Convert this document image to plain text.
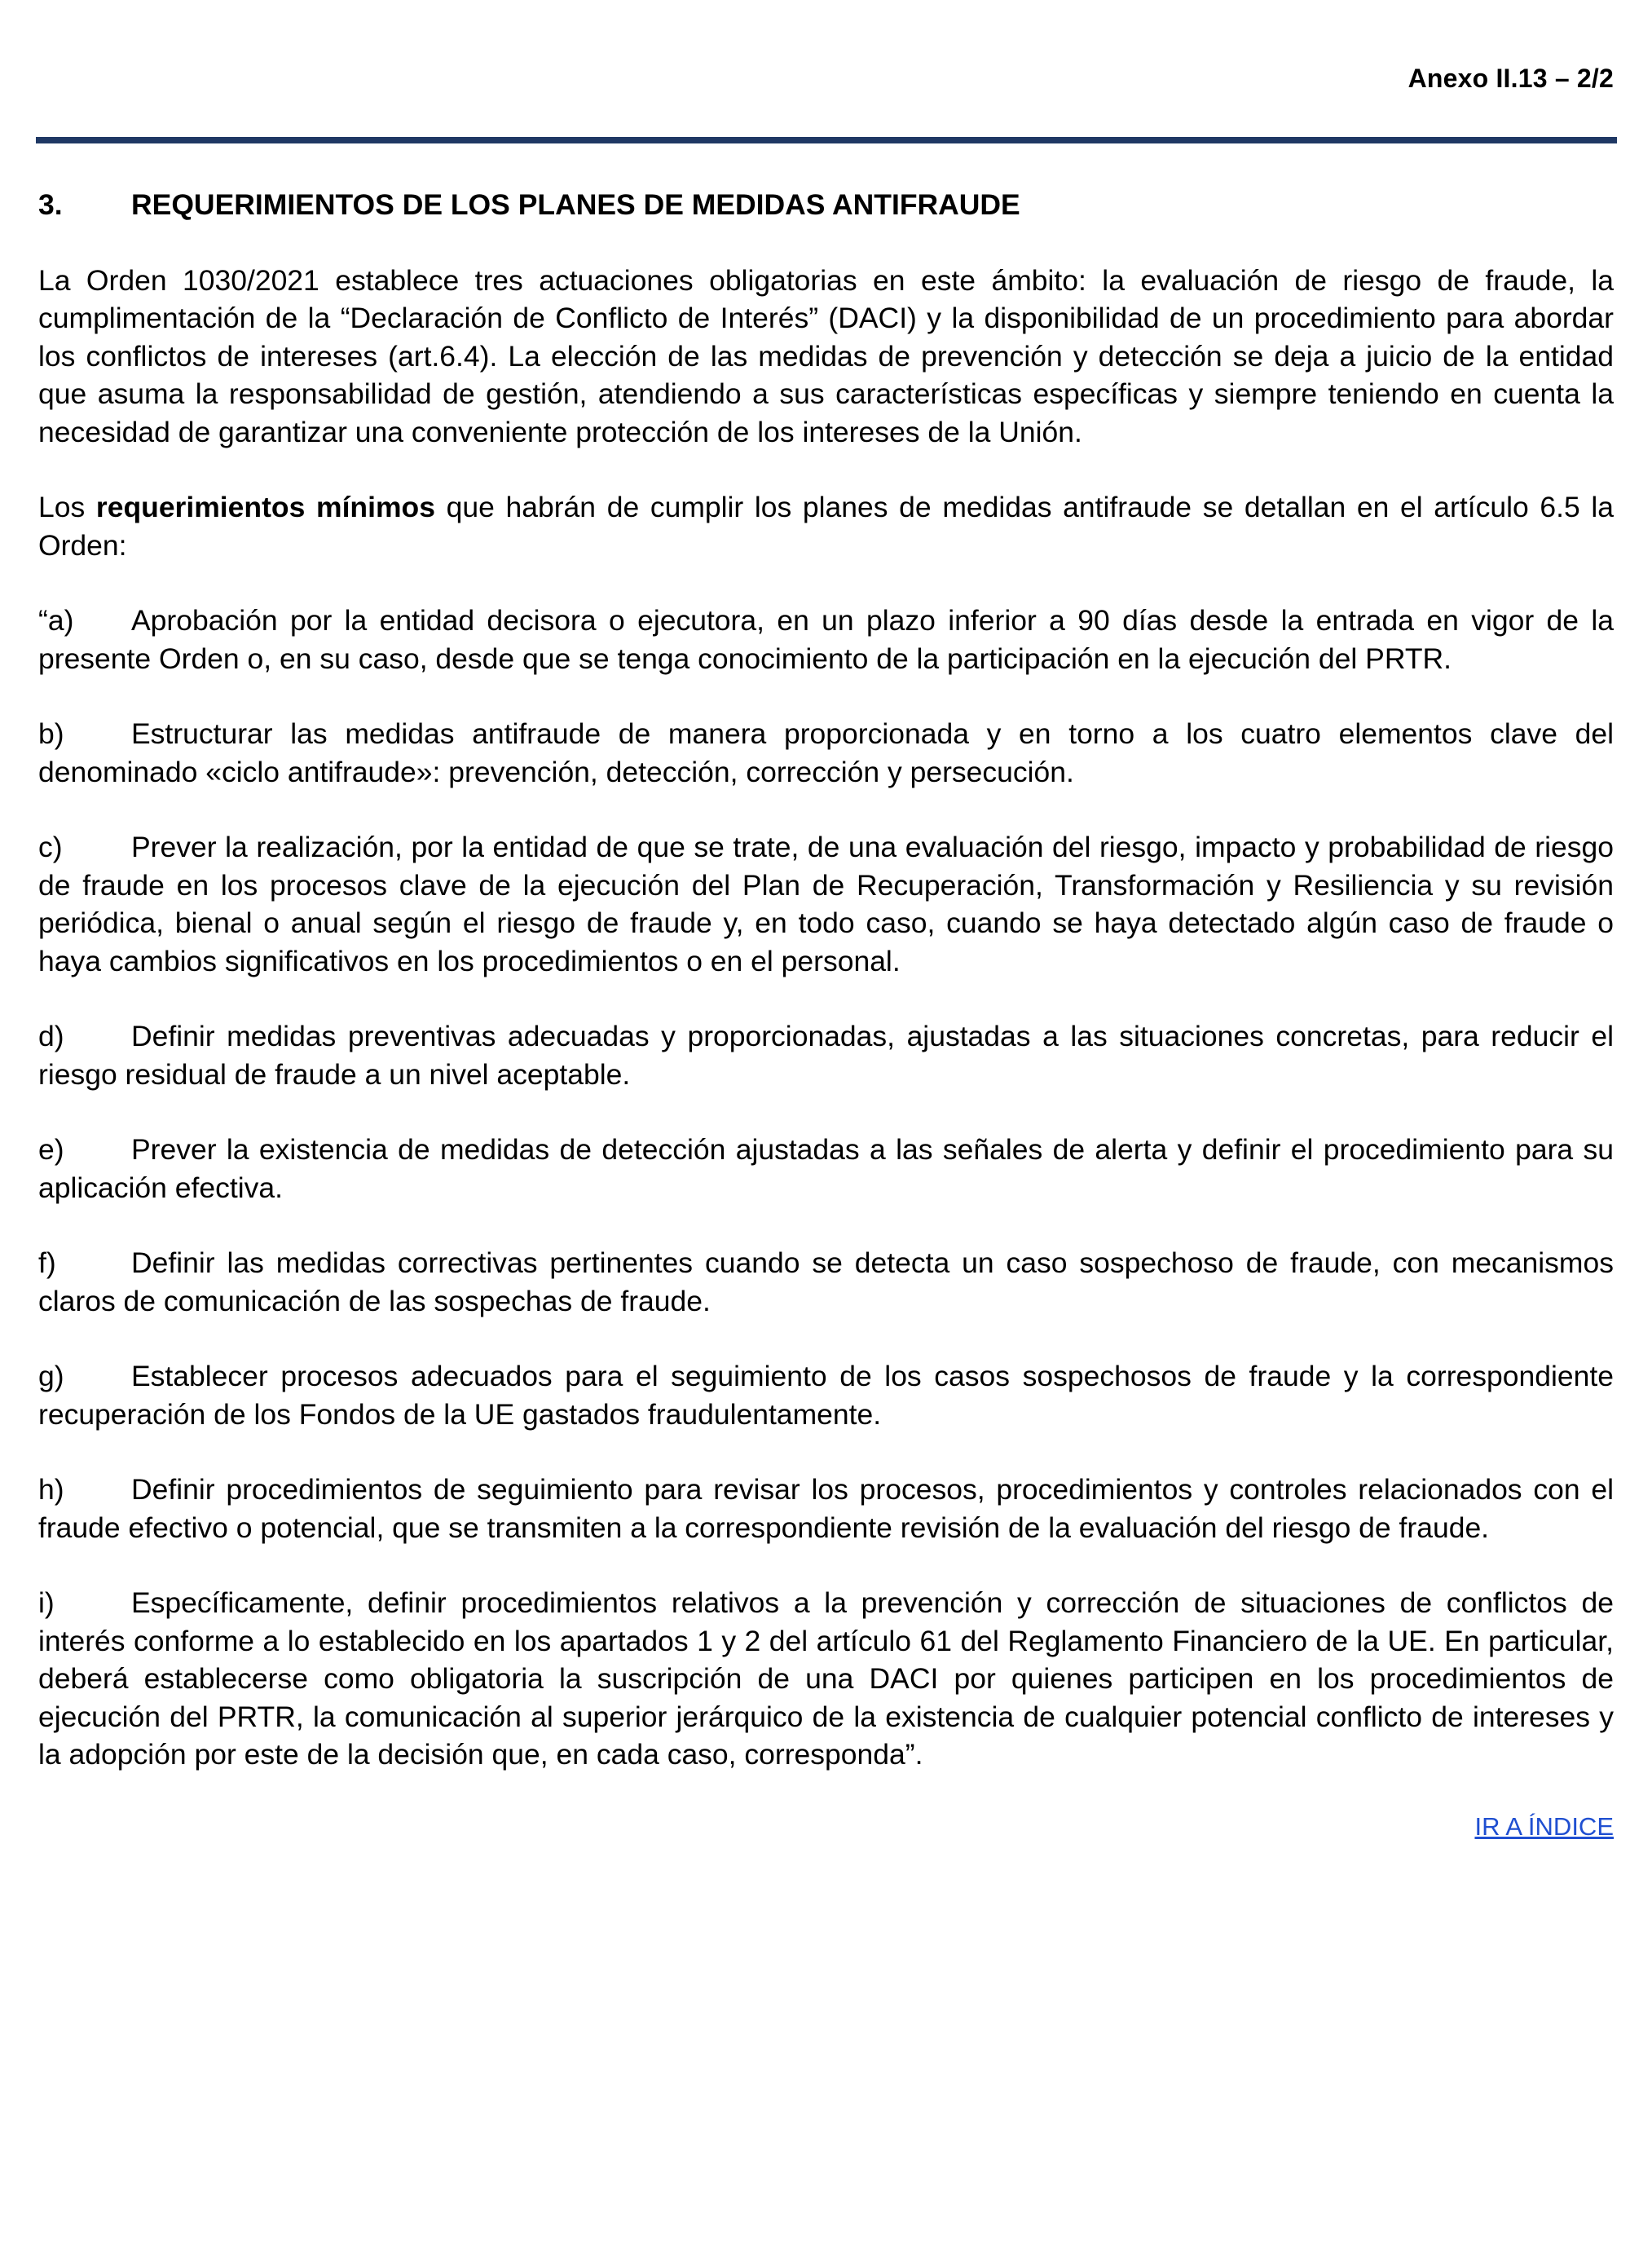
Anexo II.13 – 2/2
3.	REQUERIMIENTOS DE LOS PLANES DE MEDIDAS ANTIFRAUDE

La Orden 1030/2021 establece tres actuaciones obligatorias en este ámbito: la evaluación de riesgo de fraude, la cumplimentación de la “Declaración de Conflicto de Interés” (DACI) y la disponibilidad de un procedimiento para abordar los conflictos de intereses (art.6.4). La elección de las medidas de prevención y detección se deja a juicio de la entidad que asuma la responsabilidad de gestión, atendiendo a sus características específicas y siempre teniendo en cuenta la necesidad de garantizar una conveniente protección de los intereses de la Unión.

Los requerimientos mínimos que habrán de cumplir los planes de medidas antifraude se detallan en el artículo 6.5 la Orden:

“a) Aprobación por la entidad decisora o ejecutora, en un plazo inferior a 90 días desde la entrada en vigor de la presente Orden o, en su caso, desde que se tenga conocimiento de la participación en la ejecución del PRTR.

b) Estructurar las medidas antifraude de manera proporcionada y en torno a los cuatro elementos clave del denominado «ciclo antifraude»: prevención, detección, corrección y persecución.

c) Prever la realización, por la entidad de que se trate, de una evaluación del riesgo, impacto y probabilidad de riesgo de fraude en los procesos clave de la ejecución del Plan de Recuperación, Transformación y Resiliencia y su revisión periódica, bienal o anual según el riesgo de fraude y, en todo caso, cuando se haya detectado algún caso de fraude o haya cambios significativos en los procedimientos o en el personal.

d) Definir medidas preventivas adecuadas y proporcionadas, ajustadas a las situaciones concretas, para reducir el riesgo residual de fraude a un nivel aceptable.

e) Prever la existencia de medidas de detección ajustadas a las señales de alerta y definir el procedimiento para su aplicación efectiva.

f)	Definir las medidas correctivas pertinentes cuando se detecta un caso sospechoso de fraude, con mecanismos claros de comunicación de las sospechas de fraude.

g) Establecer procesos adecuados para el seguimiento de los casos sospechosos de fraude y la correspondiente recuperación de los Fondos de la UE gastados fraudulentamente.

h) Definir procedimientos de seguimiento para revisar los procesos, procedimientos y controles relacionados con el fraude efectivo o potencial, que se transmiten a la correspondiente revisión de la evaluación del riesgo de fraude.

i)	Específicamente, definir procedimientos relativos a la prevención y corrección de situaciones de conflictos de interés conforme a lo establecido en los apartados 1 y 2 del artículo 61 del Reglamento Financiero de la UE. En particular, deberá establecerse como obligatoria la suscripción de una DACI por quienes participen en los procedimientos de ejecución del PRTR, la comunicación al superior jerárquico de la existencia de cualquier potencial conflicto de intereses y la adopción por este de la decisión que, en cada caso, corresponda”.

IR A ÍNDICE
